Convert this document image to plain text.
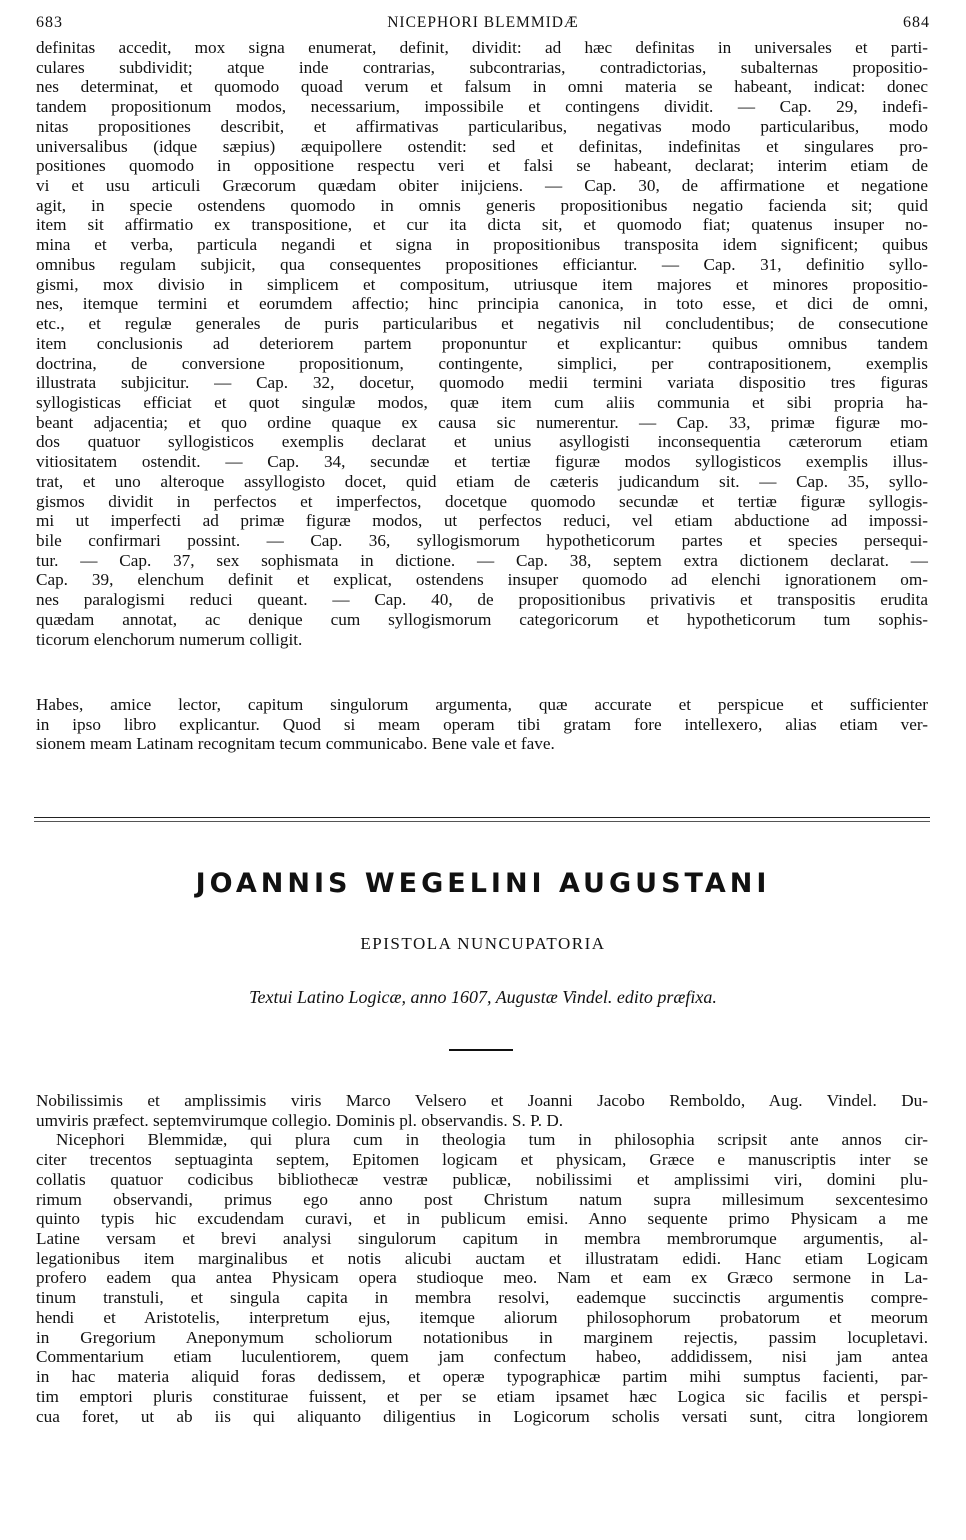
683	NICEPHORI BLEMMIDÆ	684
definitas accedit, mox signa enumerat, definit, dividit: ad hæc definitas in universales et parti-
culares subdividit; atque inde contrarias, subcontrarias, contradictorias, subalternas propositio-
nes determinat, et quomodo quoad verum et falsum in omni materia se habeant, indicat: donec
tandem propositionum modos, necessarium, impossibile et contingens dividit. — Cap. 29, indefi-
nitas propositiones describit, et affirmativas particularibus, negativas modo particularibus, modo
universalibus (idque sæpius) æquipollere ostendit: sed et definitas, indefinitas et singulares pro-
positiones quomodo in oppositione respectu veri et falsi se habeant, declarat; interim etiam de
vi et usu articuli Græcorum quædam obiter inijciens. — Cap. 30, de affirmatione et negatione
agit, in specie ostendens quomodo in omnis generis propositionibus negatio facienda sit; quid
item sit affirmatio ex transpositione, et cur ita dicta sit, et quomodo fiat; quatenus insuper no-
mina et verba, particula negandi et signa in propositionibus transposita idem significent; quibus
omnibus regulam subjicit, qua consequentes propositiones efficiantur. — Cap. 31, definitio syllo-
gismi, mox divisio in simplicem et compositum, utriusque item majores et minores propositio-
nes, itemque termini et eorumdem affectio; hinc principia canonica, in toto esse, et dici de omni,
etc., et regulæ generales de puris particularibus et negativis nil concludentibus; de consecutione
item conclusionis ad deteriorem partem proponuntur et explicantur: quibus omnibus tandem
doctrina, de conversione propositionum, contingente, simplici, per contrapositionem, exemplis
illustrata subjicitur. — Cap. 32, docetur, quomodo medii termini variata dispositio tres figuras
syllogisticas efficiat et quot singulæ modos, quæ item cum aliis communia et sibi propria ha-
beant adjacentia; et quo ordine quaque ex causa sic numerentur. — Cap. 33, primæ figuræ mo-
dos quatuor syllogisticos exemplis declarat et unius asyllogisti inconsequentia cæterorum etiam
vitiositatem ostendit. — Cap. 34, secundæ et tertiæ figuræ modos syllogisticos exemplis illus-
trat, et uno alteroque assyllogisto docet, quid etiam de cæteris judicandum sit. — Cap. 35, syllo-
gismos dividit in perfectos et imperfectos, docetque quomodo secundæ et tertiæ figuræ syllogis-
mi ut imperfecti ad primæ figuræ modos, ut perfectos reduci, vel etiam abductione ad impossi-
bile confirmari possint. — Cap. 36, syllogismorum hypotheticorum partes et species persequi-
tur. — Cap. 37, sex sophismata in dictione. — Cap. 38, septem extra dictionem declarat. —
Cap. 39, elenchum definit et explicat, ostendens insuper quomodo ad elenchi ignorationem om-
nes paralogismi reduci queant. — Cap. 40, de propositionibus privativis et transpositis erudita
quædam annotat, ac denique cum syllogismorum categoricorum et hypotheticorum tum sophis-
ticorum elenchorum numerum colligit.
Habes, amice lector, capitum singulorum argumenta, quæ accurate et perspicue et sufficienter
in ipso libro explicantur. Quod si meam operam tibi gratam fore intellexero, alias etiam ver-
sionem meam Latinam recognitam tecum communicabo. Bene vale et fave.
JOANNIS WEGELINI AUGUSTANI
EPISTOLA NUNCUPATORIA
Textui Latino Logicæ, anno 1607, Augustæ Vindel. edito præfixa.
Nobilissimis et amplissimis viris Marco Velsero et Joanni Jacobo Remboldo, Aug. Vindel. Du-
umviris præfect. septemvirumque collegio. Dominis pl. observandis. S. P. D.
Nicephori Blemmidæ, qui plura cum in theologia tum in philosophia scripsit ante annos cir-
citer trecentos septuaginta septem, Epitomen logicam et physicam, Græce e manuscriptis inter se
collatis quatuor codicibus bibliothecæ vestræ publicæ, nobilissimi et amplissimi viri, domini plu-
rimum observandi, primus ego anno post Christum natum supra millesimum sexcentesimo
quinto typis hic excudendam curavi, et in publicum emisi. Anno sequente primo Physicam a me
Latine versam et brevi analysi singulorum capitum in membra membrorumque argumentis, al-
legationibus item marginalibus et notis alicubi auctam et illustratam edidi. Hanc etiam Logicam
profero eadem qua antea Physicam opera studioque meo. Nam et eam ex Græco sermone in La-
tinum transtuli, et singula capita in membra resolvi, eademque succinctis argumentis compre-
hendi et Aristotelis, interpretum ejus, itemque aliorum philosophorum probatorum et meorum
in Gregorium Aneponymum scholiorum notationibus in marginem rejectis, passim locupletavi.
Commentarium etiam luculentiorem, quem jam confectum habeo, addidissem, nisi jam antea
in hac materia aliquid foras dedissem, et operæ typographicæ partim mihi sumptus facienti, par-
tim emptori pluris constiturae fuissent, et per se etiam ipsamet hæc Logica sic facilis et perspi-
cua foret, ut ab iis qui aliquanto diligentius in Logicorum scholis versati sunt, citra longiorem
